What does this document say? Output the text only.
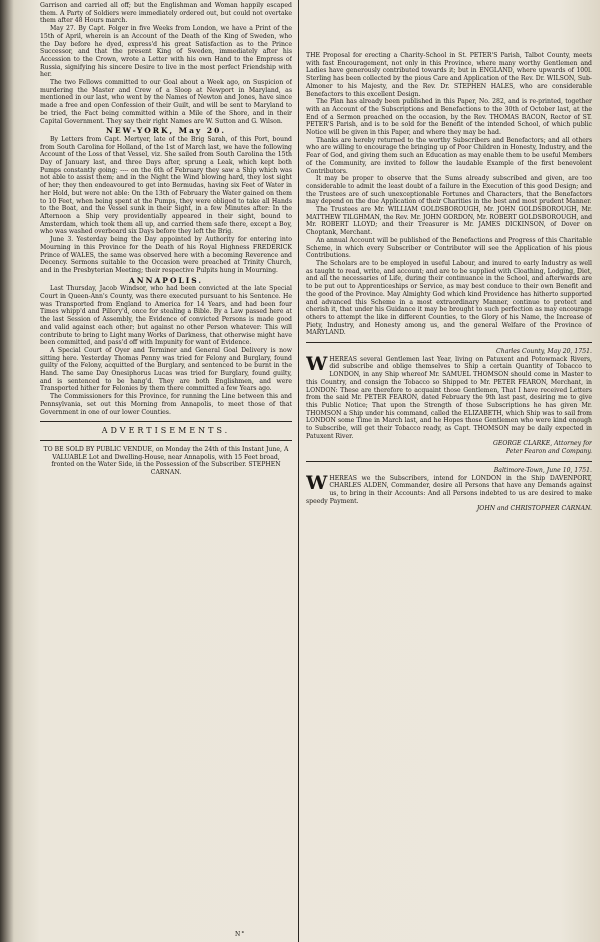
Garrison and carried all off; but the Englishman and Woman happily escaped them. A Party of Soldiers were immediately ordered out, but could not overtake them after 48 Hours march.

May 27. By Capt. Folger in five Weeks from London, we have a Print of the 15th of April, wherein is an Account of the Death of the King of Sweden, who the Day before he dyed, express'd his great Satisfaction as to the Prince Successor, and that the present King of Sweden, immediately after his Accession to the Crown, wrote a Letter with his own Hand to the Empress of Russia, signifying his sincere Desire to live in the most perfect Friendship with her.

The two Fellows committed to our Goal about a Week ago, on Suspicion of murdering the Master and Crew of a Sloop at Newport in Maryland, as mentioned in our last, who went by the Names of Newton and Jones, have since made a free and open Confession of their Guilt, and will be sent to Maryland to be tried, the Fact being committed within a Mile of the Shore, and in their Capital Government. They say their right Names are W. Sutton and G. Wilson.

NEW-YORK, May 20.

By Letters from Capt. Mertyer, late of the Brig Sarah, of this Port, bound from South Carolina for Holland, of the 1st of March last, we have the following Account of the Loss of that Vessel, viz. She sailed from South Carolina the 15th Day of January last, and three Days after, sprung a Leak, which kept both Pumps constantly going; ---- on the 6th of February they saw a Ship which was not able to assist them; and in the Night the Wind blowing hard, they lost sight of her; they then endeavoured to get into Bermudas, having six Feet of Water in her Hold, but were not able: On the 13th of February the Water gained on them to 10 Feet, when being spent at the Pumps, they were obliged to take all Hands to the Boat, and the Vessel sunk in their Sight, in a few Minutes after: In the Afternoon a Ship very providentially appeared in their sight, bound to Amsterdam, which took them all up, and carried them safe there, except a Boy, who was washed overboard six Days before they left the Brig.

June 3. Yesterday being the Day appointed by Authority for entering into Mourning in this Province for the Death of his Royal Highness FREDERICK Prince of WALES, the same was observed here with a becoming Reverence and Decency. Sermons suitable to the Occasion were preached at Trinity Church, and in the Presbyterian Meeting; their respective Pulpits hung in Mourning.

ANNAPOLIS.

Last Thursday, Jacob Windsor, who had been convicted at the late Special Court in Queen-Ann's County, was there executed pursuant to his Sentence. He was Transported from England to America for 14 Years, and had been four Times whipp'd and Pillory'd, once for stealing a Bible. By a Law passed here at the last Session of Assembly, the Evidence of convicted Persons is made good and valid against each other; but against no other Person whatever: This will contribute to bring to Light many Works of Darkness, that otherwise might have been committed, and pass'd off with Impunity for want of Evidence.

A Special Court of Oyer and Terminer and General Goal Delivery is now sitting here. Yesterday Thomas Penny was tried for Felony and Burglary, found guilty of the Felony, acquitted of the Burglary, and sentenced to be burnt in the Hand. The same Day Onesiphorus Lucas was tried for Burglary, found guilty, and is sentenced to be hang'd. They are both Englishmen, and were Transported hither for Felonies by them there committed a few Years ago.

The Commissioners for this Province, for running the Line between this and Pennsylvania, set out this Morning from Annapolis, to meet those of that Government in one of our lower Counties.

ADVERTISEMENTS.

TO BE SOLD BY PUBLIC VENDUE, on Monday the 24th of this Instant June, A VALUABLE Lot and Dwelling-House, near Annapolis, with 15 Feet broad, fronted on the Water Side, in the Possession of the Subscriber. STEPHEN CARNAN.

THE Proposal for erecting a Charity-School in St. PETER'S Parish, Talbot County, meets with fast Encouragement, not only in this Province, where many worthy Gentlemen and Ladies have generously contributed towards it; but in ENGLAND, where upwards of 100l. Sterling has been collected by the pious Care and Application of the Rev. Dr. WILSON, Sub-Almoner to his Majesty, and the Rev. Dr. STEPHEN HALES, who are considerable Benefactors to this excellent Design.

The Plan has already been published in this Paper, No. 282, and is re-printed, together with an Account of the Subscriptions and Benefactions to the 30th of October last, at the End of a Sermon preached on the occasion, by the Rev. THOMAS BACON, Rector of ST. PETER'S Parish, and is to be sold for the Benefit of the intended School, of which public Notice will be given in this Paper, and where they may be had.

Thanks are hereby returned to the worthy Subscribers and Benefactors; and all others who are willing to encourage the bringing up of Poor Children in Honesty, Industry, and the Fear of God, and giving them such an Education as may enable them to be useful Members of the Community, are invited to follow the laudable Example of the first benevolent Contributors.

It may be proper to observe that the Sums already subscribed and given, are too considerable to admit the least doubt of a failure in the Execution of this good Design; and the Trustees are of such unexceptionable Fortunes and Characters, that the Benefactors may depend on the due Application of their Charities in the best and most prudent Manner.

The Trustees are Mr. WILLIAM GOLDSBOROUGH, Mr. JOHN GOLDSBOROUGH, Mr. MATTHEW TILGHMAN, the Rev. Mr. JOHN GORDON, Mr. ROBERT GOLDSBOROUGH, and Mr. ROBERT LLOYD; and their Treasurer is Mr. JAMES DICKINSON, of Dover on Choptank, Merchant.

An annual Account will be published of the Benefactions and Progress of this Charitable Scheme, in which every Subscriber or Contributor will see the Application of his pious Contributions.

The Scholars are to be employed in useful Labour, and inured to early Industry as well as taught to read, write, and account; and are to be supplied with Cloathing, Lodging, Diet, and all the necessaries of Life, during their continuance in the School, and afterwards are to be put out to Apprenticeships or Service, as may best conduce to their own Benefit and the good of the Province. May Almighty God which kind Providence has hitherto supported and advanced this Scheme in a most extraordinary Manner, continue to protect and cherish it, that under his Guidance it may be brought to such perfection as may encourage others to attempt the like in different Counties, to the Glory of his Name, the Increase of Piety, Industry, and Honesty among us, and the general Welfare of the Province of MARYLAND.

Charles County, May 20, 1751.

WHEREAS several Gentlemen last Year, living on Patuxent and Potowmack Rivers, did subscribe and oblige themselves to Ship a certain Quantity of Tobacco to LONDON, in any Ship whereof Mr. SAMUEL THOMSON should come in Master to this Country, and consign the Tobacco so Shipped to Mr. PETER FEARON, Merchant, in LONDON: These are therefore to acquaint those Gentlemen, That I have received Letters from the said Mr. PETER FEARON, dated February the 9th last past, desiring me to give this Public Notice; That upon the Strength of those Subscriptions he has given Mr. THOMSON a Ship under his command, called the ELIZABETH, which Ship was to sail from LONDON some Time in March last, and he Hopes those Gentlemen who were kind enough to Subscribe, will get their Tobacco ready, as Capt. THOMSON may be daily expected in Patuxent River.

GEORGE CLARKE, Attorney for

Peter Fearon and Company.

Baltimore-Town, June 10, 1751.

WHEREAS we the Subscribers, intend for LONDON in the Ship DAVENPORT, CHARLES ALDEN, Commander, desire all Persons that have any Demands against us, to bring in their Accounts: And all Persons indebted to us are desired to make speedy Payment.

JOHN and CHRISTOPHER CARNAN.

N°
